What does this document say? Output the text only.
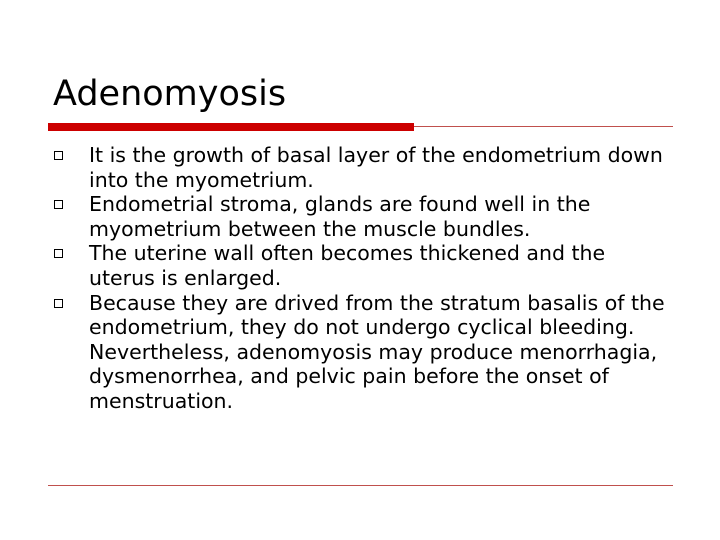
Adenomyosis
It is the growth of basal layer of the endometrium down into the myometrium.
Endometrial stroma, glands are found well in the myometrium between the muscle bundles.
The uterine wall often becomes thickened and the uterus is enlarged.
Because they are drived from the stratum basalis of the endometrium, they do not undergo cyclical bleeding. Nevertheless, adenomyosis may produce menorrhagia, dysmenorrhea, and pelvic pain before the onset of menstruation.
